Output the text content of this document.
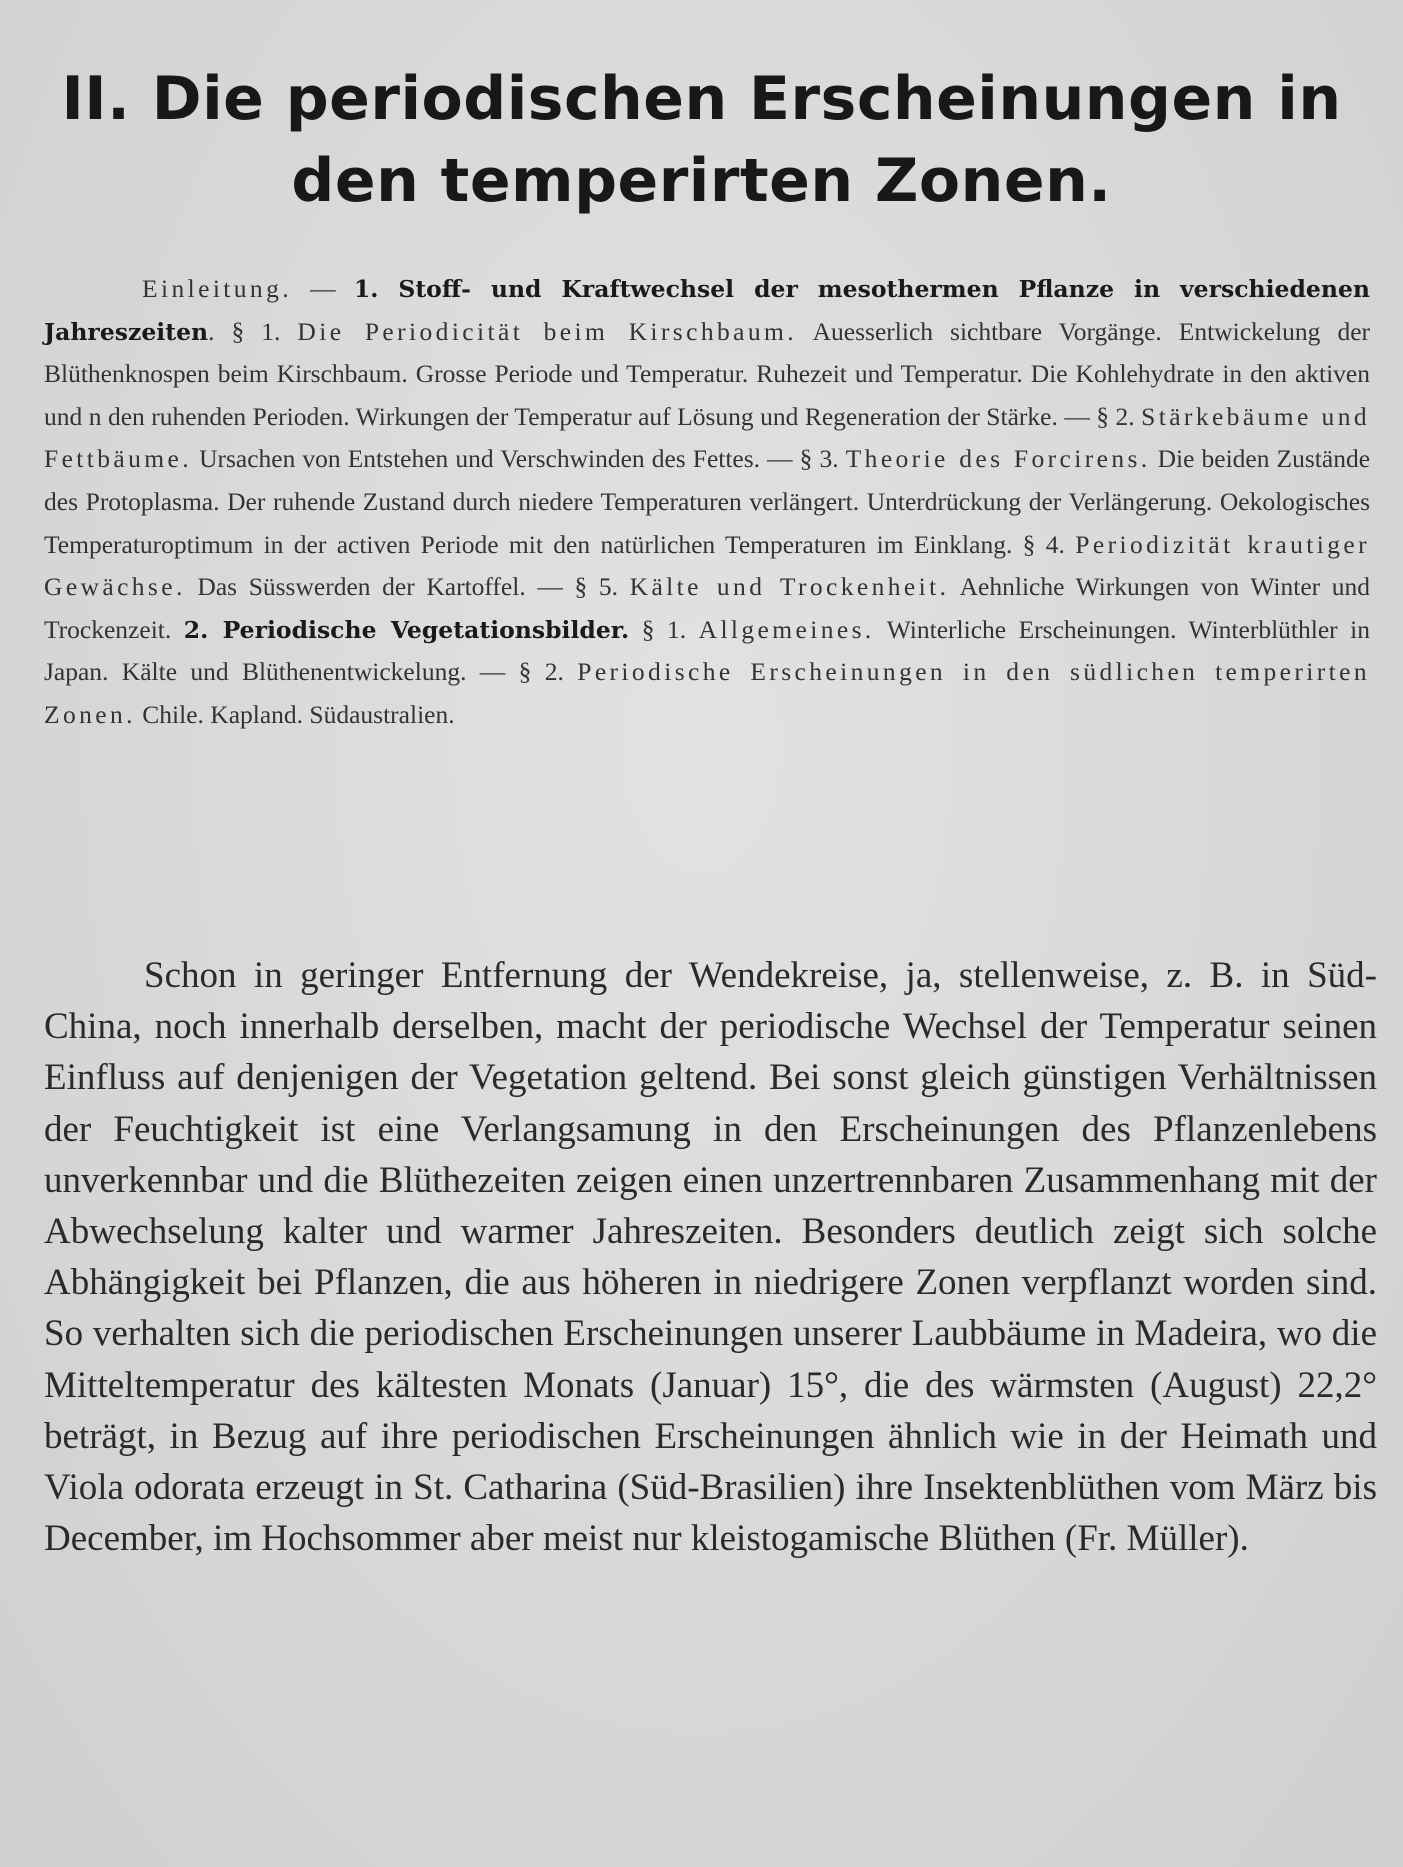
II. Die periodischen Erscheinungen in
den temperirten Zonen.

Einleitung. — 1. Stoff- und Kraftwechsel der mesothermen Pflanze in verschiedenen Jahreszeiten. § 1. Die Periodicität beim Kirschbaum. Auesserlich sichtbare Vorgänge. Entwickelung der Blüthenknospen beim Kirschbaum. Grosse Periode und Temperatur. Ruhezeit und Temperatur. Die Kohlehydrate in den aktiven und n den ruhenden Perioden. Wirkungen der Temperatur auf Lösung und Regeneration der Stärke. — § 2. Stärkebäume und Fettbäume. Ursachen von Entstehen und Verschwinden des Fettes. — § 3. Theorie des Forcirens. Die beiden Zustände des Protoplasma. Der ruhende Zustand durch niedere Temperaturen verlängert. Unterdrückung der Verlängerung. Oekologisches Temperaturoptimum in der activen Periode mit den natürlichen Temperaturen im Einklang. § 4. Periodizität krautiger Gewächse. Das Süsswerden der Kartoffel. — § 5. Kälte und Trockenheit. Aehnliche Wirkungen von Winter und Trockenzeit. 2. Periodische Vegetationsbilder. § 1. Allgemeines. Winterliche Erscheinungen. Winterblüthler in Japan. Kälte und Blüthenentwickelung. — § 2. Periodische Erscheinungen in den südlichen temperirten Zonen. Chile. Kapland. Südaustralien.

Schon in geringer Entfernung der Wendekreise, ja, stellenweise, z. B. in Süd-China, noch innerhalb derselben, macht der periodische Wechsel der Temperatur seinen Einfluss auf denjenigen der Vegetation geltend. Bei sonst gleich günstigen Verhältnissen der Feuchtigkeit ist eine Verlangsamung in den Erscheinungen des Pflanzenlebens unverkennbar und die Blüthezeiten zeigen einen unzertrennbaren Zusammenhang mit der Abwechselung kalter und warmer Jahreszeiten. Besonders deutlich zeigt sich solche Abhängigkeit bei Pflanzen, die aus höheren in niedrigere Zonen verpflanzt worden sind. So verhalten sich die periodischen Erscheinungen unserer Laubbäume in Madeira, wo die Mitteltemperatur des kältesten Monats (Januar) 15°, die des wärmsten (August) 22,2° beträgt, in Bezug auf ihre periodischen Erscheinungen ähnlich wie in der Heimath und Viola odorata erzeugt in St. Catharina (Süd-Brasilien) ihre Insektenblüthen vom März bis December, im Hochsommer aber meist nur kleistogamische Blüthen (Fr. Müller).
